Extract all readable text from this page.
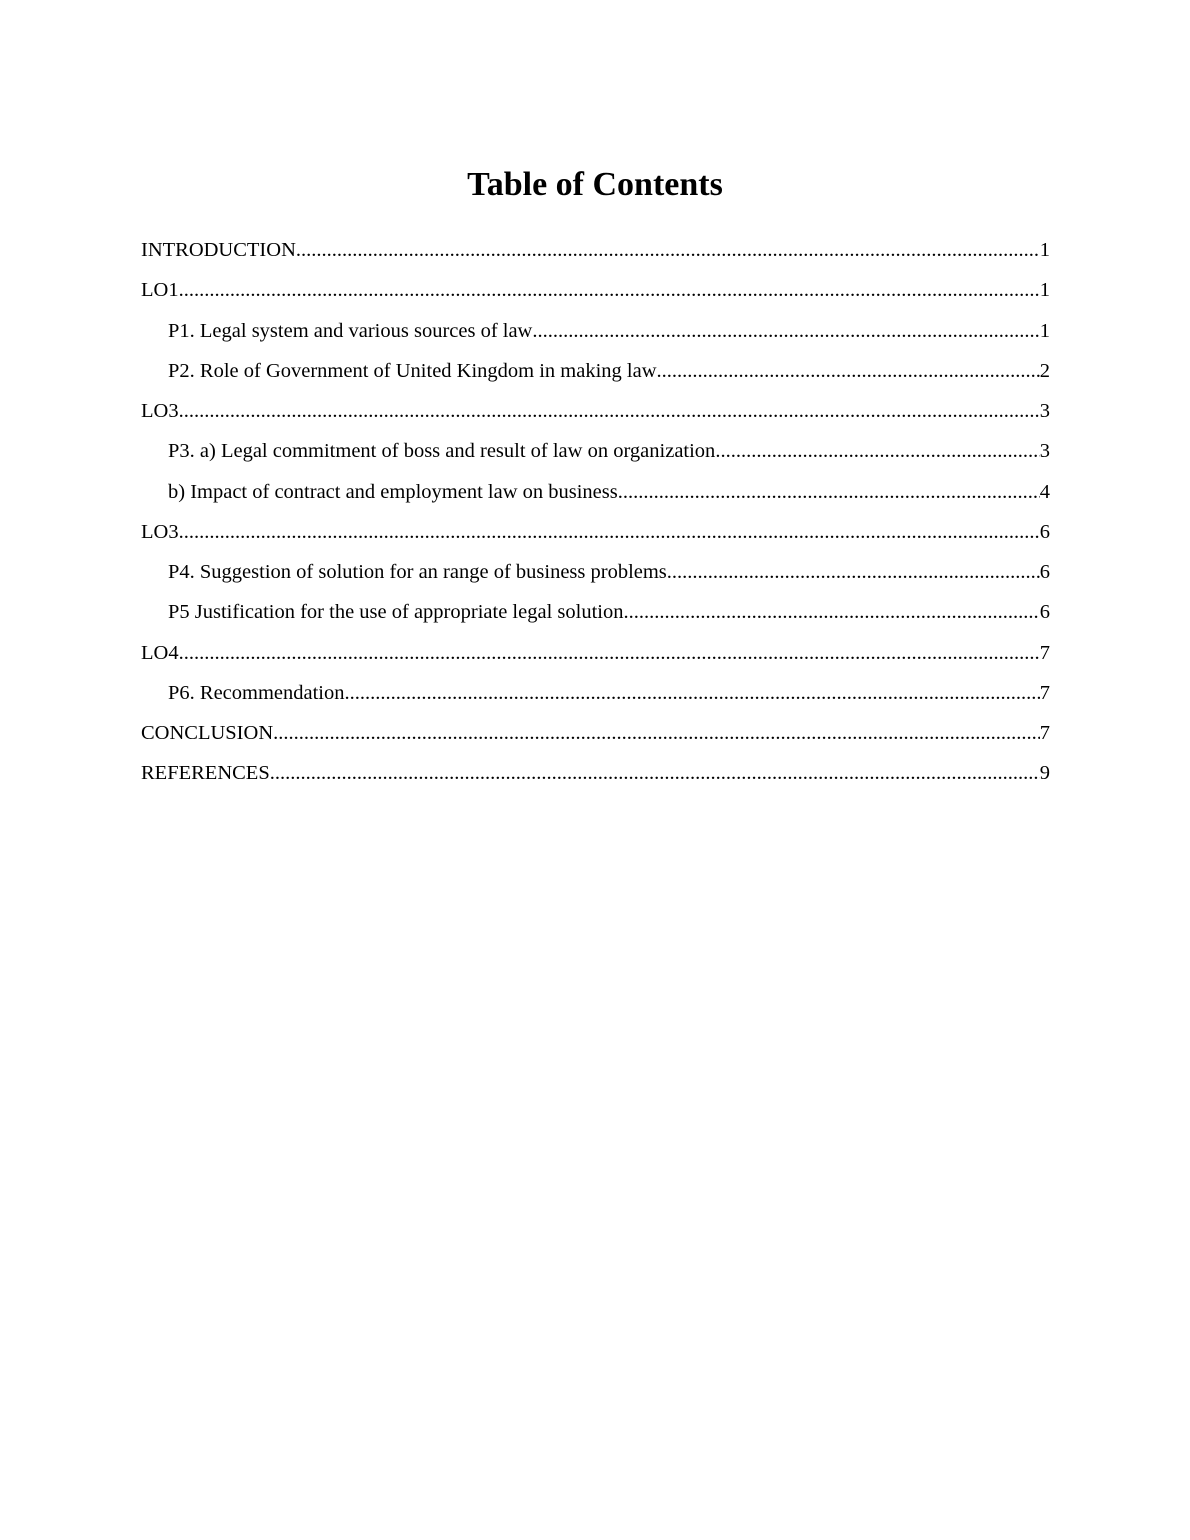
Table of Contents
INTRODUCTION .....	1
LO1 .....	1
P1. Legal system and various sources of law .....	1
P2. Role of Government of United Kingdom in making law .....	2
LO3 .....	3
P3. a) Legal commitment of boss and result of law on organization .....	3
b) Impact of contract and employment law on business .....	4
LO3 .....	6
P4. Suggestion of solution for an range of business problems .....	6
P5 Justification for the use of appropriate legal solution .....	6
LO4 .....	7
P6. Recommendation .....	7
CONCLUSION .....	7
REFERENCES .....	9
